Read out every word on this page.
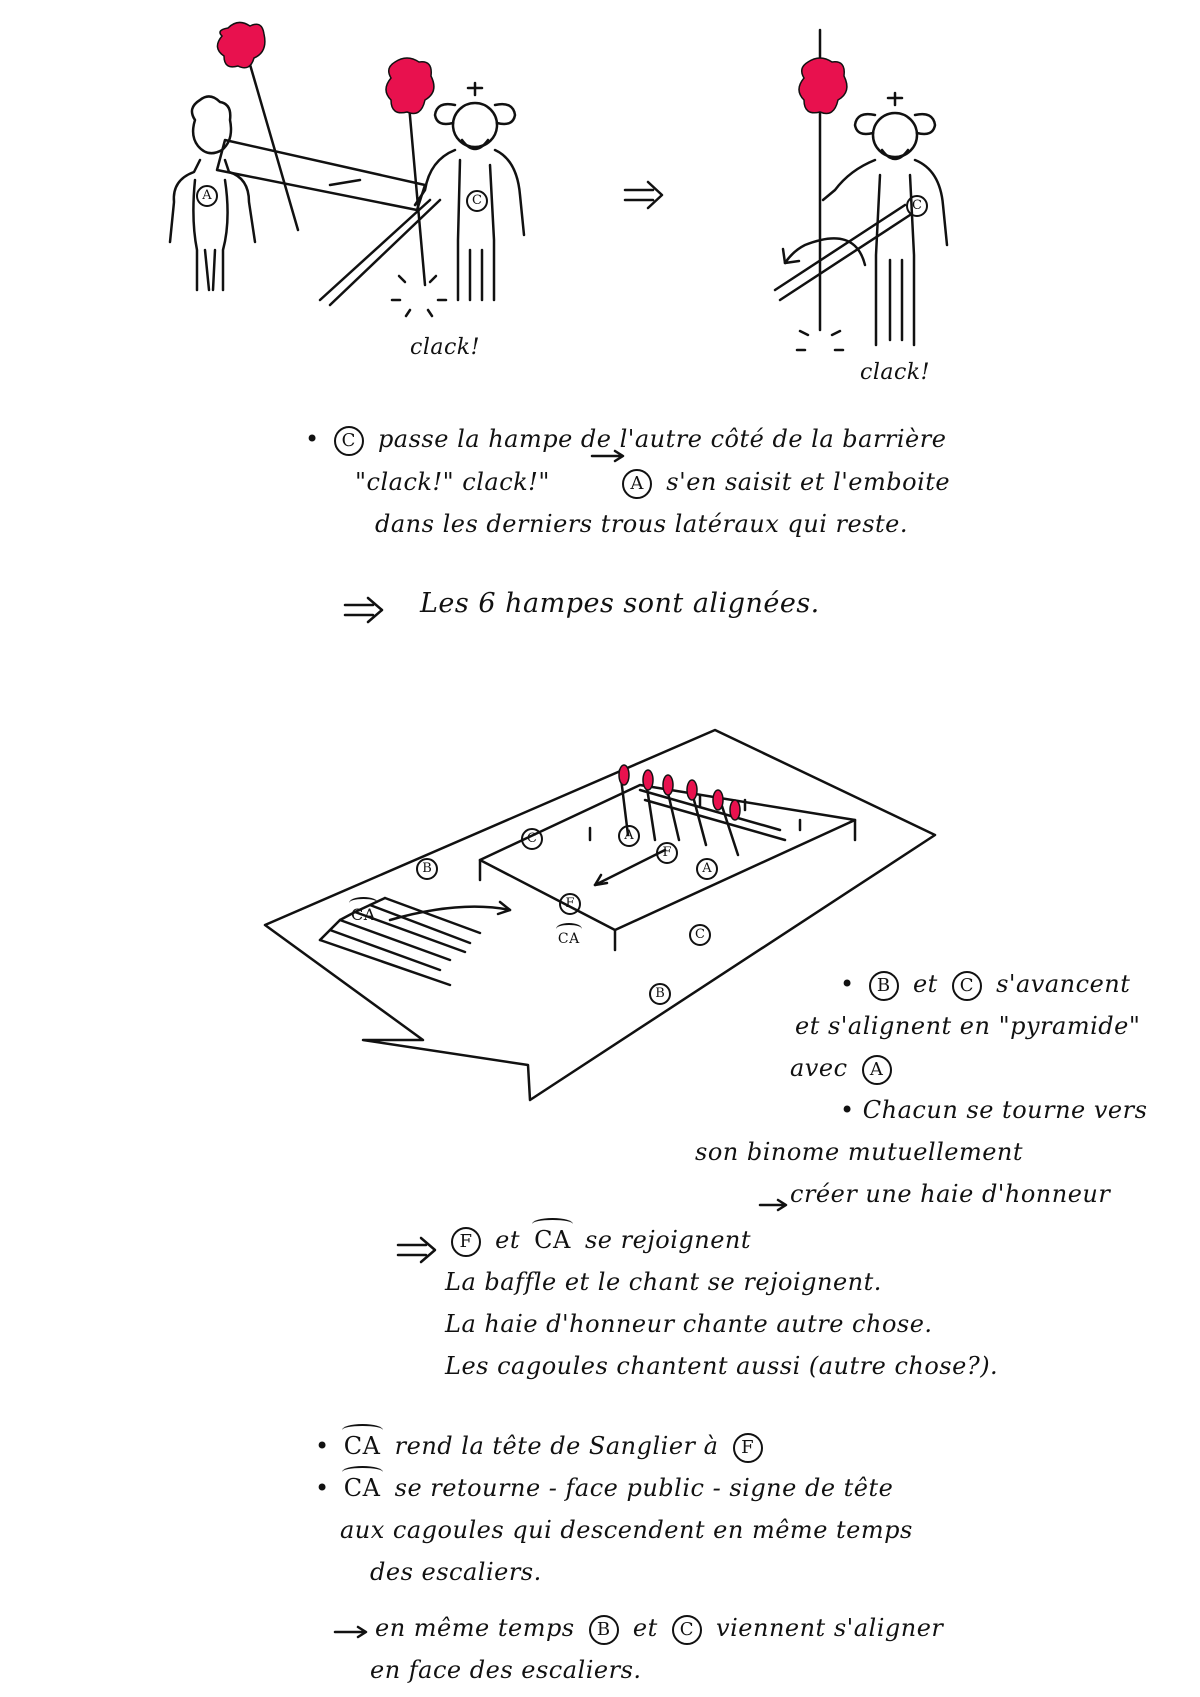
A	C	C
clack!
clack!
B
C	A
F
A
F
C
B
CA CA
• C passe la hampe de l'autre côté de la barrière
"clack!" clack!"	A s'en saisit et l'emboite
dans les derniers trous latéraux qui reste.
Les 6 hampes sont alignées.
• B et C s'avancent
et s'alignent en "pyramide"
avec A
• Chacun se tourne vers
son binome mutuellement
créer une haie d'honneur
F et CA se rejoignent
La baffle et le chant se rejoignent.
La haie d'honneur chante autre chose.
Les cagoules chantent aussi (autre chose?).
• CA rend la tête de Sanglier à F
• CA se retourne - face public - signe de tête
aux cagoules qui descendent en même temps
des escaliers.
en même temps B et C viennent s'aligner
en face des escaliers.
